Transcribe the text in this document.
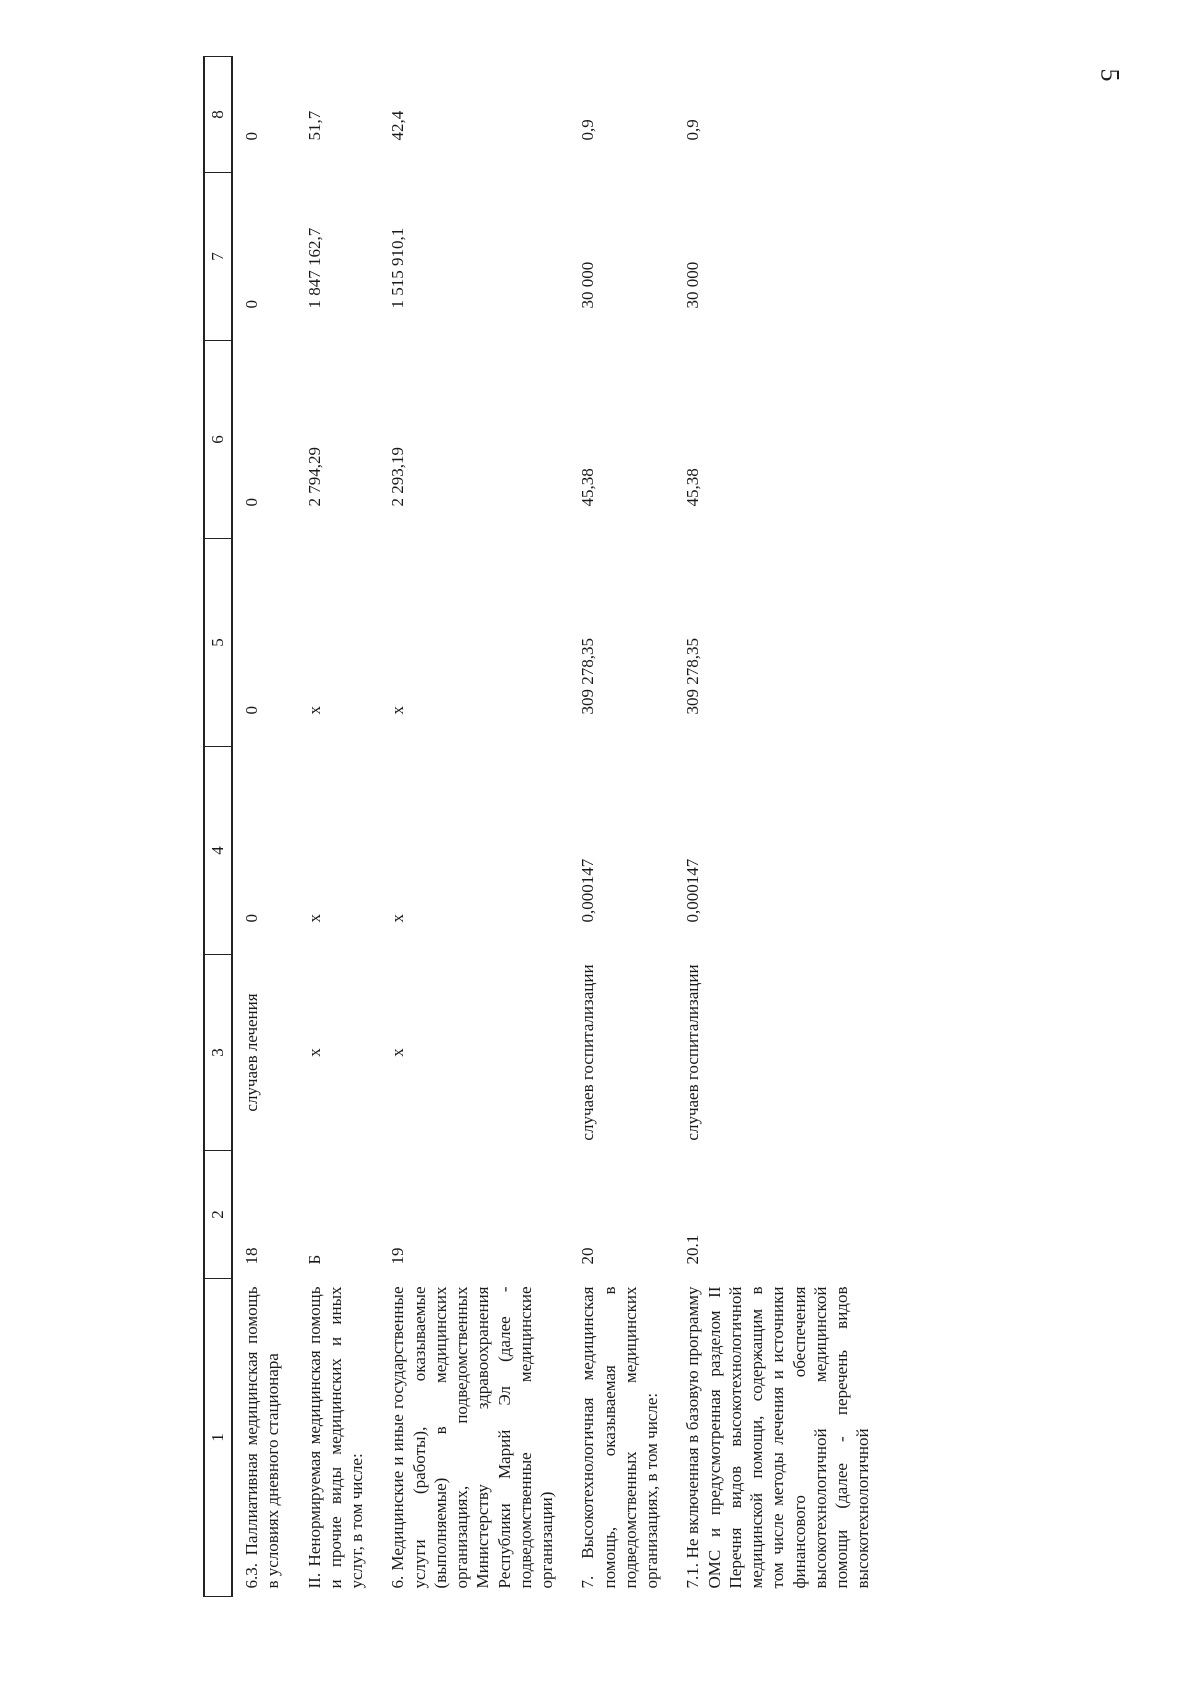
5
1	2	3	4	5	6	7	8
6.3. Паллиативная медицинская помощь в условиях дневного стационара	18	случаев лечения	0	0	0	0	0
II. Ненормируемая медицинская помощь и прочие виды медицинских и иных услуг, в том числе:	Б	х	х	х	2 794,29	1 847 162,7	51,7
6. Медицинские и иные государственные услуги (работы), оказываемые (выполняемые) в медицинских организациях, подведомственных Министерству здравоохранения Республики Марий Эл (далее - подведомственные медицинские организации)	19	х	х	х	2 293,19	1 515 910,1	42,4
7. Высокотехнологичная медицинская помощь, оказываемая в подведомственных медицинских организациях, в том числе:	20	случаев госпитализации	0,000147	309 278,35	45,38	30 000	0,9
7.1. Не включенная в базовую программу ОМС и предусмотренная разделом II Перечня видов высокотехнологичной медицинской помощи, содержащим в том числе методы лечения и источники финансового обеспечения высокотехнологичной медицинской помощи (далее - перечень видов высокотехнологичной	20.1	случаев госпитализации	0,000147	309 278,35	45,38	30 000	0,9
